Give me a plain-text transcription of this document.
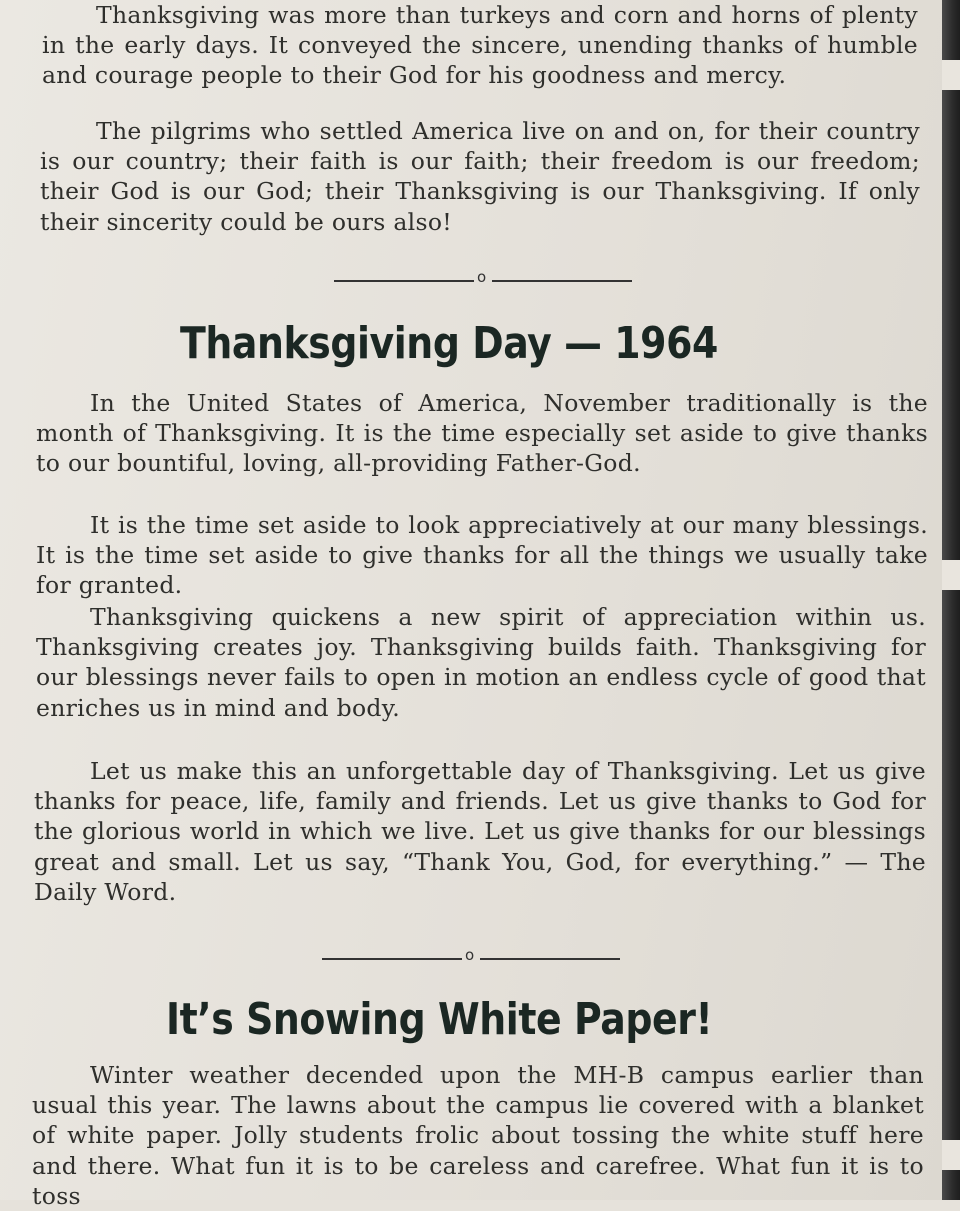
Thanksgiving was more than turkeys and corn and horns of plenty in the early days. It conveyed the sincere, unending thanks of humble and courage people to their God for his goodness and mercy.

The pilgrims who settled America live on and on, for their country is our country; their faith is our faith; their freedom is our freedom; their God is our God; their Thanksgiving is our Thanksgiving. If only their sincerity could be ours also!

o
Thanksgiving Day — 1964

In the United States of America, November traditionally is the month of Thanksgiving. It is the time especially set aside to give thanks to our bountiful, loving, all-providing Father-God.

It is the time set aside to look appreciatively at our many blessings. It is the time set aside to give thanks for all the things we usually take for granted.

Thanksgiving quickens a new spirit of appreciation within us. Thanksgiving creates joy. Thanksgiving builds faith. Thanksgiving for our blessings never fails to open in motion an endless cycle of good that enriches us in mind and body.

Let us make this an unforgettable day of Thanksgiving. Let us give thanks for peace, life, family and friends. Let us give thanks to God for the glorious world in which we live. Let us give thanks for our blessings great and small. Let us say, “Thank You, God, for everything.” — The Daily Word.

o
It’s Snowing White Paper!

Winter weather decended upon the MH-B campus earlier than usual this year. The lawns about the campus lie covered with a blanket of white paper. Jolly students frolic about tossing the white stuff here and there. What fun it is to be careless and carefree. What fun it is to toss
